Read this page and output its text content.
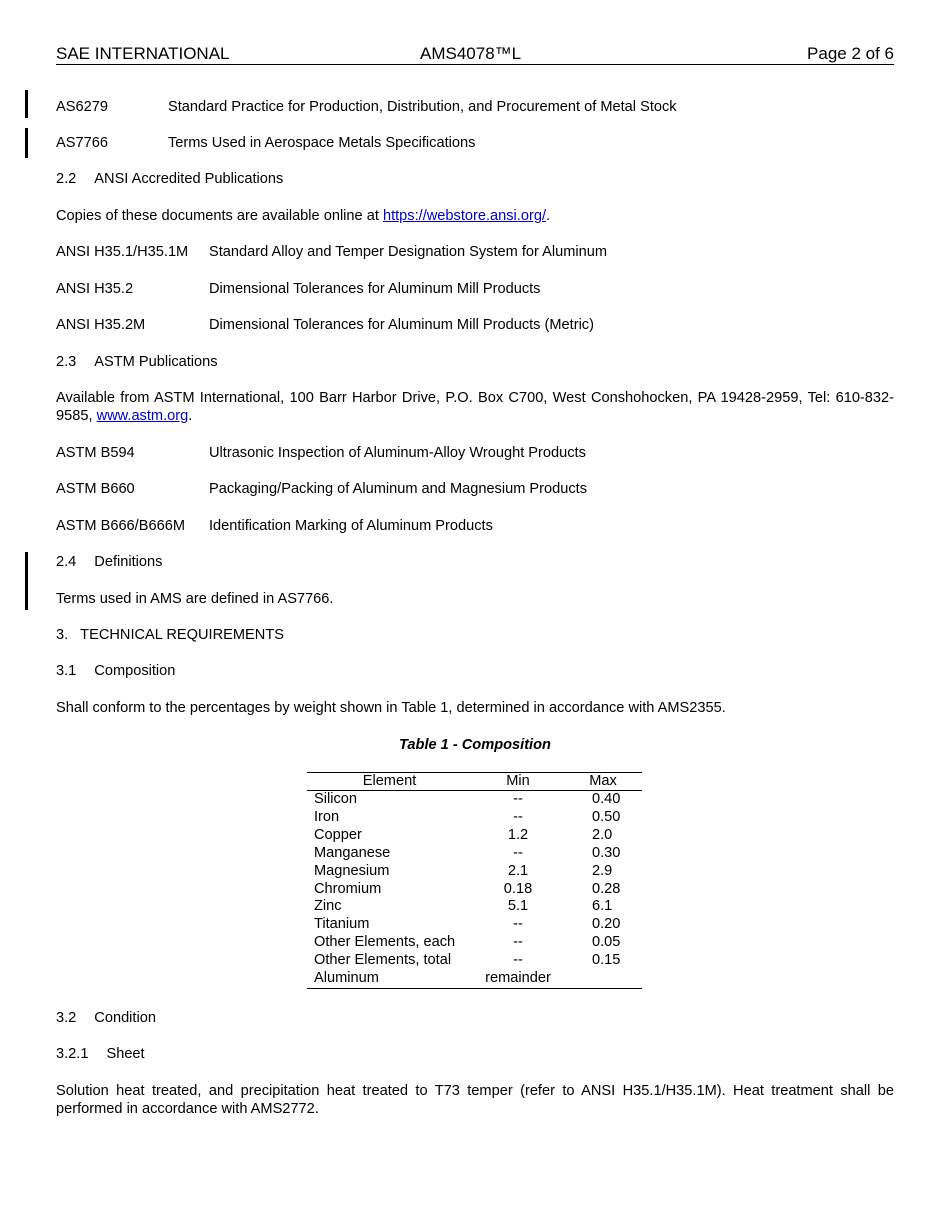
SAE INTERNATIONAL	AMS4078™L	Page 2 of 6
AS6279	Standard Practice for Production, Distribution, and Procurement of Metal Stock
AS7766	Terms Used in Aerospace Metals Specifications
2.2 ANSI Accredited Publications
Copies of these documents are available online at https://webstore.ansi.org/.
ANSI H35.1/H35.1M Standard Alloy and Temper Designation System for Aluminum
ANSI H35.2	Dimensional Tolerances for Aluminum Mill Products
ANSI H35.2M	Dimensional Tolerances for Aluminum Mill Products (Metric)
2.3 ASTM Publications
Available from ASTM International, 100 Barr Harbor Drive, P.O. Box C700, West Conshohocken, PA 19428-2959, Tel: 610-832-9585, www.astm.org.
ASTM B594	Ultrasonic Inspection of Aluminum-Alloy Wrought Products
ASTM B660	Packaging/Packing of Aluminum and Magnesium Products
ASTM B666/B666M Identification Marking of Aluminum Products
2.4 Definitions
Terms used in AMS are defined in AS7766.
3. TECHNICAL REQUIREMENTS
3.1 Composition
Shall conform to the percentages by weight shown in Table 1, determined in accordance with AMS2355.
Table 1 - Composition
Element	Min	Max
Silicon	--	0.40
Iron	--	0.50
Copper	1.2	2.0
Manganese	--	0.30
Magnesium	2.1	2.9
Chromium	0.18	0.28
Zinc	5.1	6.1
Titanium	--	0.20
Other Elements, each	--	0.05
Other Elements, total	--	0.15
Aluminum	remainder	
3.2 Condition
3.2.1 Sheet
Solution heat treated, and precipitation heat treated to T73 temper (refer to ANSI H35.1/H35.1M). Heat treatment shall be performed in accordance with AMS2772.
